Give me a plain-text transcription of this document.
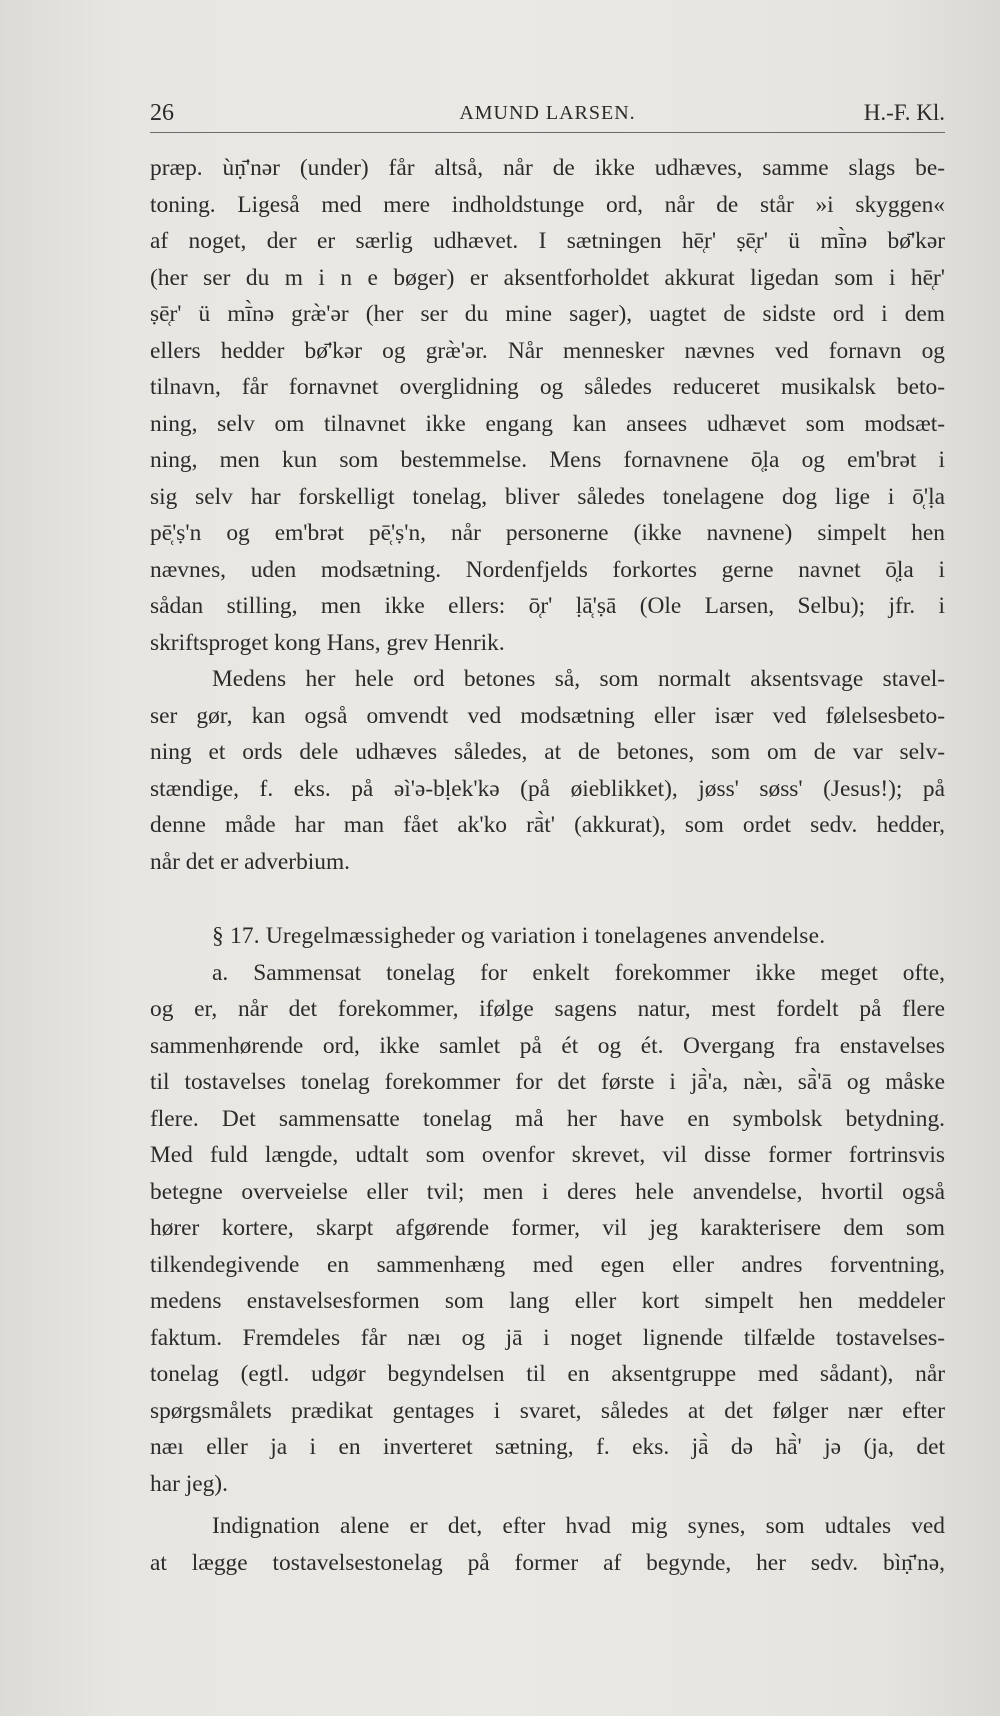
26	AMUND LARSEN.	H.-F. Kl.
præp. ùṇ̄'nər (under) får altså, når de ikke udhæves, samme slags be-
toning. Ligeså med mere indholdstunge ord, når de står »i skyggen«
af noget, der er særlig udhævet. I sætningen hē̜r' ṣē̜r' ü mī̀nə bø̄'kər
(her ser du m i n e bøger) er aksentforholdet akkurat ligedan som i hē̜r'
ṣē̜r' ü mī̀nə græ̀'ər (her ser du mine sager), uagtet de sidste ord i dem
ellers hedder bø̄'kər og græ̀'ər. Når mennesker nævnes ved fornavn og
tilnavn, får fornavnet overglidning og således reduceret musikalsk beto-
ning, selv om tilnavnet ikke engang kan ansees udhævet som modsæt-
ning, men kun som bestemmelse. Mens fornavnene ō̜ḷa og em'brət i
sig selv har forskelligt tonelag, bliver således tonelagene dog lige i ō̜'ḷa
pē̜'ṣ'n og em'brət pē̜'ṣ'n, når personerne (ikke navnene) simpelt hen
nævnes, uden modsætning. Nordenfjelds forkortes gerne navnet ō̜ḷa i
sådan stilling, men ikke ellers: ō̜r' ḷā̜'ṣā (Ole Larsen, Selbu); jfr. i
skriftsproget kong Hans, grev Henrik.
Medens her hele ord betones så, som normalt aksentsvage stavel-
ser gør, kan også omvendt ved modsætning eller især ved følelsesbeto-
ning et ords dele udhæves således, at de betones, som om de var selv-
stændige, f. eks. på əì'ə-bḷek'kə (på øieblikket), jøss' søss' (Jesus!); på
denne måde har man fået ak'ko rā̀t' (akkurat), som ordet sedv. hedder,
når det er adverbium.
§ 17. Uregelmæssigheder og variation i tonelagenes anvendelse.
a. Sammensat tonelag for enkelt forekommer ikke meget ofte,
og er, når det forekommer, ifølge sagens natur, mest fordelt på flere
sammenhørende ord, ikke samlet på ét og ét. Overgang fra enstavelses
til tostavelses tonelag forekommer for det første i jā̀'a, næ̀ı, sā̀'ā og måske
flere. Det sammensatte tonelag må her have en symbolsk betydning.
Med fuld længde, udtalt som ovenfor skrevet, vil disse former fortrinsvis
betegne overveielse eller tvil; men i deres hele anvendelse, hvortil også
hører kortere, skarpt afgørende former, vil jeg karakterisere dem som
tilkendegivende en sammenhæng med egen eller andres forventning,
medens enstavelsesformen som lang eller kort simpelt hen meddeler
faktum. Fremdeles får næı og jā i noget lignende tilfælde tostavelses-
tonelag (egtl. udgør begyndelsen til en aksentgruppe med sådant), når
spørgsmålets prædikat gentages i svaret, således at det følger nær efter
næı eller ja i en inverteret sætning, f. eks. jā̀ də hā̀' jə (ja, det
har jeg).
Indignation alene er det, efter hvad mig synes, som udtales ved
at lægge tostavelsestonelag på former af begynde, her sedv. bìṇ̄'nə,
